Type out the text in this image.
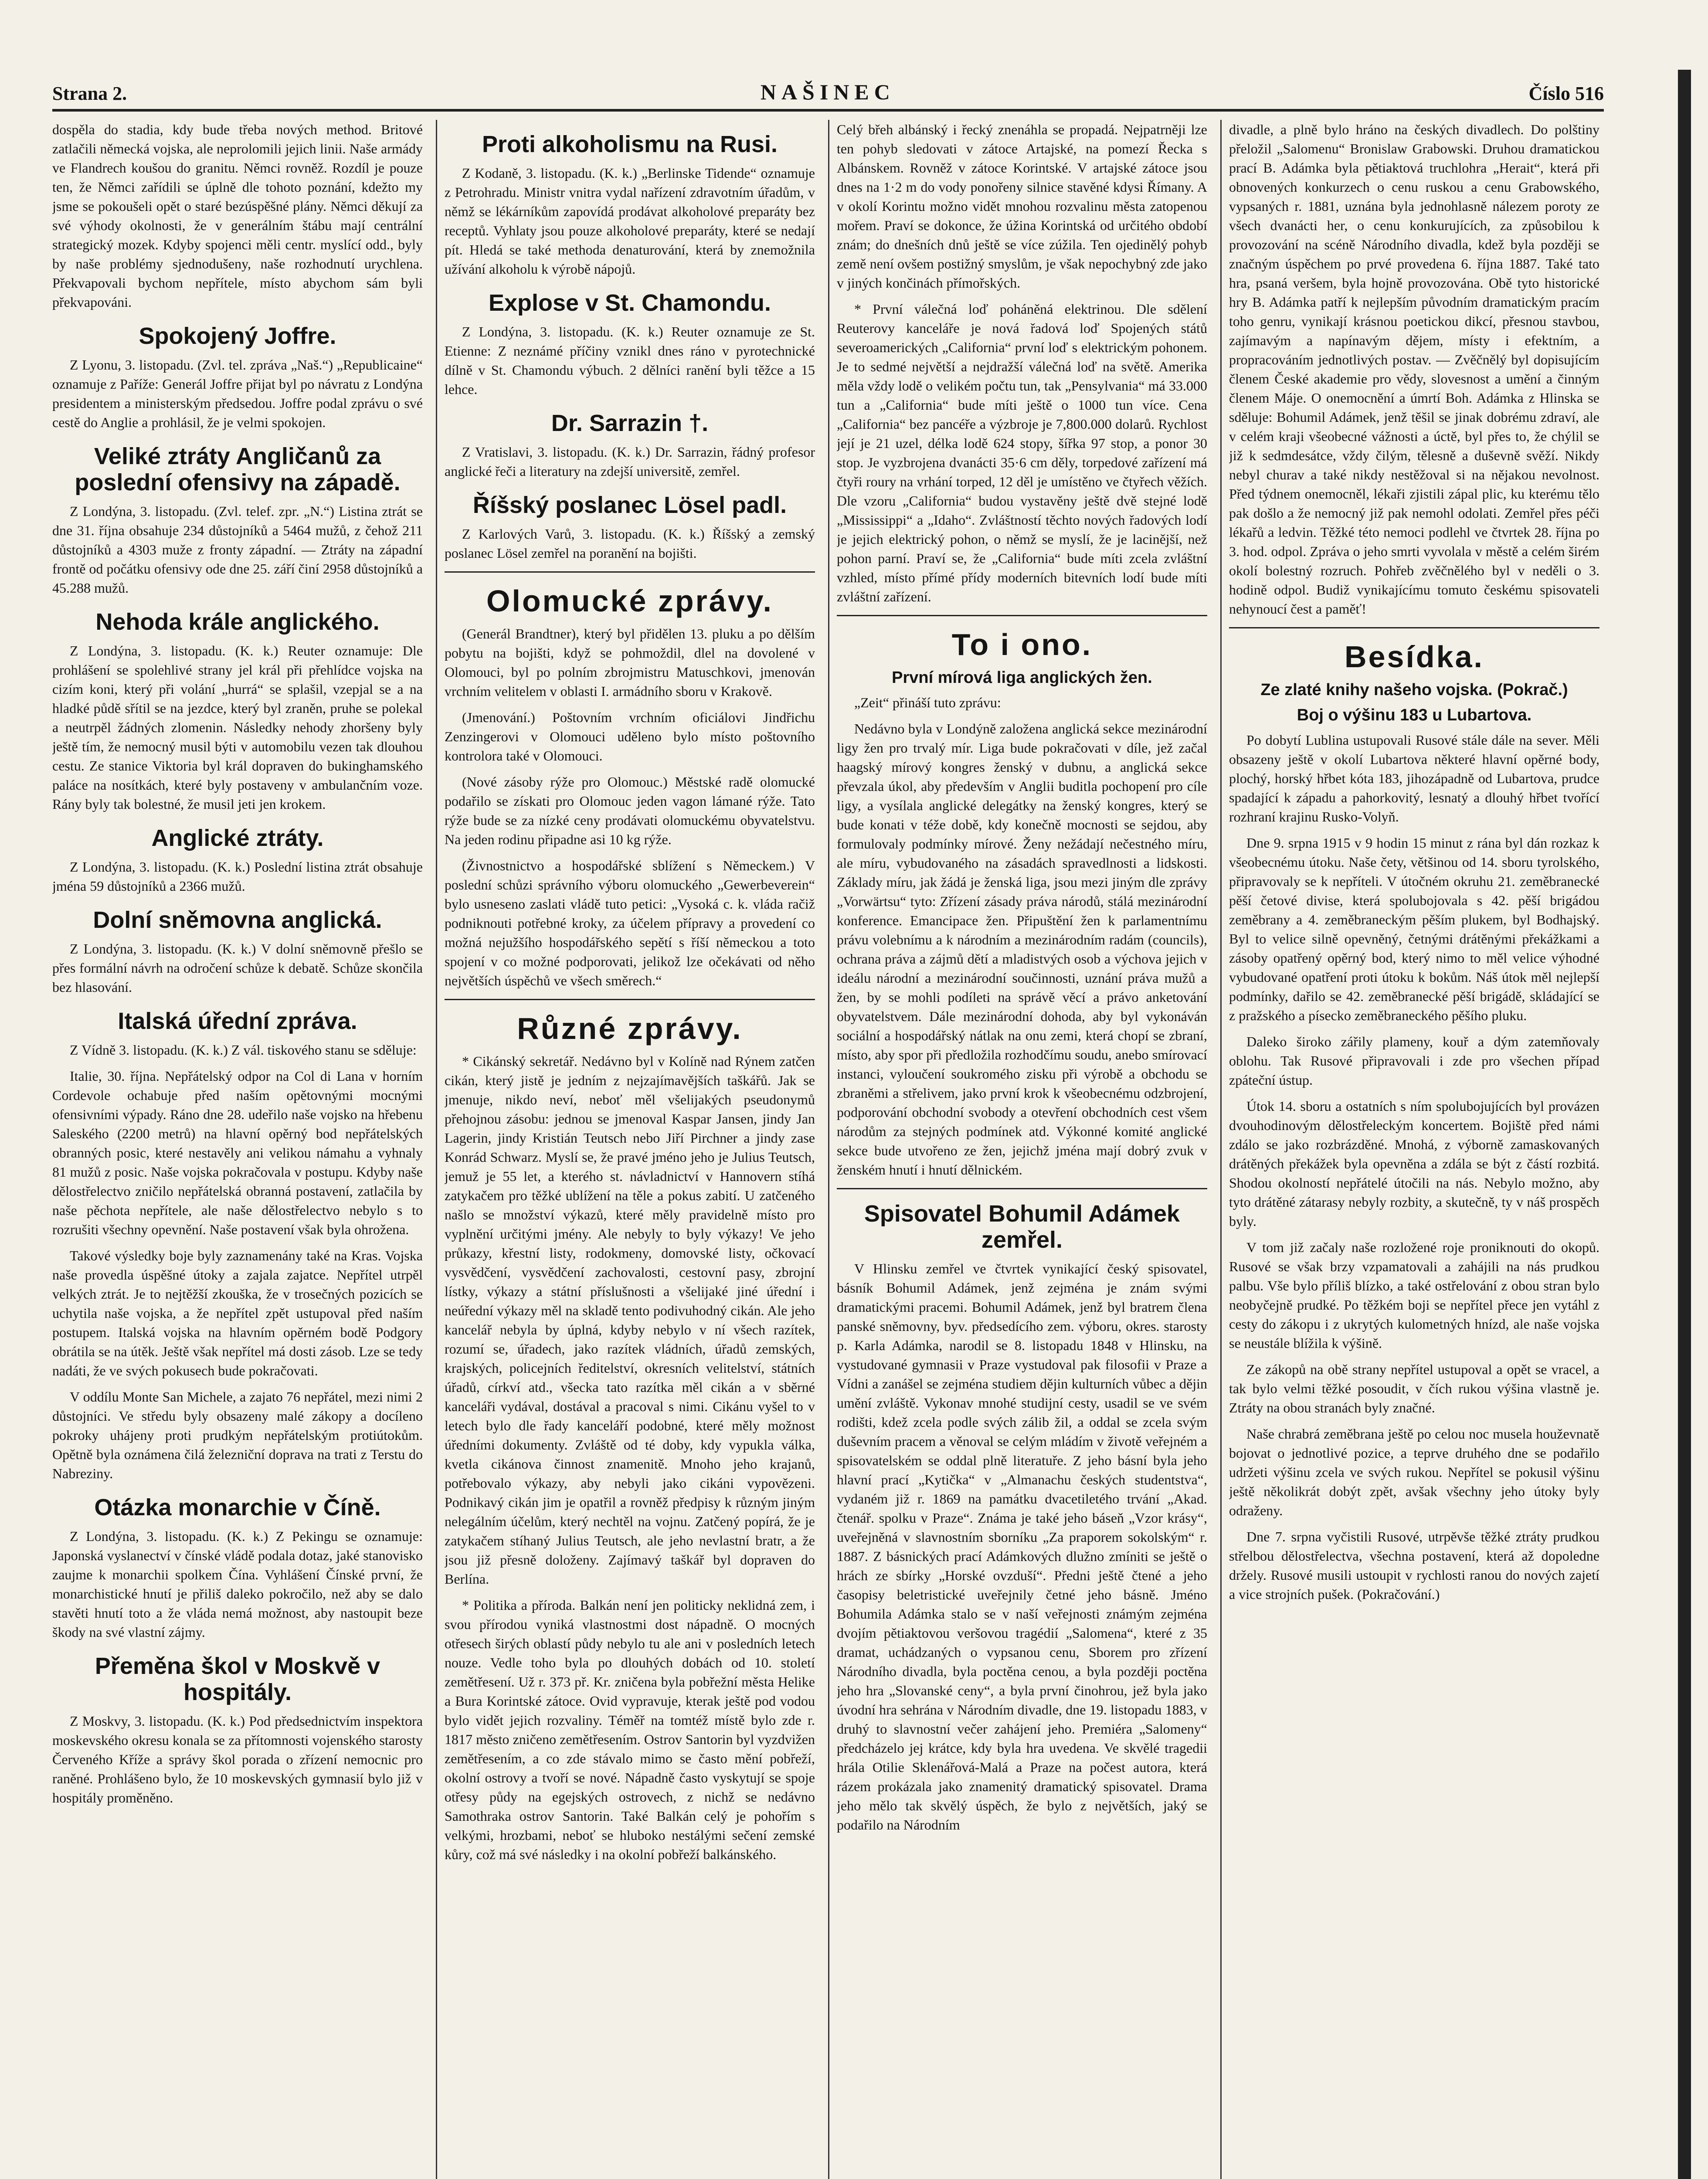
Strana 2.	NAŠINEC	Číslo 516

dospěla do stadia, kdy bude třeba nových method. Britové zatlačili německá vojska, ale neprolomili jejich linii. Naše armády ve Flandrech koušou do granitu. Němci rovněž. Rozdíl je pouze ten, že Němci zařídili se úplně dle tohoto poznání, kdežto my jsme se pokoušeli opět o staré bezúspěšné plány. Němci děkují za své výhody okolnosti, že v generálním štábu mají centrální strategický mozek. Kdyby spojenci měli centr. myslící odd., byly by naše problémy sjednodušeny, naše rozhodnutí urychlena. Překvapovali bychom nepřítele, místo abychom sám byli překvapováni.

Spokojený Joffre.

Z Lyonu, 3. listopadu. (Zvl. tel. zpráva „Naš.“) „Republicaine“ oznamuje z Paříže: Generál Joffre přijat byl po návratu z Londýna presidentem a ministerským předsedou. Joffre podal zprávu o své cestě do Anglie a prohlásil, že je velmi spokojen.

Veliké ztráty Angličanů za poslední ofensivy na západě.

Z Londýna, 3. listopadu. (Zvl. telef. zpr. „N.“) Listina ztrát se dne 31. října obsahuje 234 důstojníků a 5464 mužů, z čehož 211 důstojníků a 4303 muže z fronty západní. — Ztráty na západní frontě od počátku ofensivy ode dne 25. září činí 2958 důstojníků a 45.288 mužů.

Nehoda krále anglického.

Z Londýna, 3. listopadu. (K. k.) Reuter oznamuje: Dle prohlášení se spolehlivé strany jel král při přehlídce vojska na cizím koni, který při volání „hurrá“ se splašil, vzepjal se a na hladké půdě sřítil se na jezdce, který byl zraněn, pruhe se polekal a neutrpěl žádných zlomenin. Následky nehody zhoršeny byly ještě tím, že nemocný musil býti v automobilu vezen tak dlouhou cestu. Ze stanice Viktoria byl král dopraven do bukinghamského paláce na nosítkách, které byly postaveny v ambulančním voze. Rány byly tak bolestné, že musil jeti jen krokem.

Anglické ztráty.

Z Londýna, 3. listopadu. (K. k.) Poslední listina ztrát obsahuje jména 59 důstojníků a 2366 mužů.

Dolní sněmovna anglická.

Z Londýna, 3. listopadu. (K. k.) V dolní sněmovně přešlo se přes formální návrh na odročení schůze k debatě. Schůze skončila bez hlasování.

Italská úřední zpráva.

Z Vídně 3. listopadu. (K. k.) Z vál. tiskového stanu se sděluje:

Italie, 30. října. Nepřátelský odpor na Col di Lana v horním Cordevole ochabuje před naším opětovnými mocnými ofensivními výpady. Ráno dne 28. udeřilo naše vojsko na hřebenu Saleského (2200 metrů) na hlavní opěrný bod nepřátelských obranných posic, které nestavěly ani velikou námahu a vyhnaly 81 mužů z posic. Naše vojska pokračovala v postupu. Kdyby naše dělostřelectvo zničilo nepřátelská obranná postavení, zatlačila by naše pěchota nepřítele, ale naše dělostřelectvo nebylo s to rozrušiti všechny opevnění. Naše postavení však byla ohrožena.

Takové výsledky boje byly zaznamenány také na Kras. Vojska naše provedla úspěšné útoky a zajala zajatce. Nepřítel utrpěl velkých ztrát. Je to nejtěžší zkouška, že v trosečných pozicích se uchytila naše vojska, a že nepřítel zpět ustupoval před naším postupem. Italská vojska na hlavním opěrném bodě Podgory obrátila se na útěk. Ještě však nepřítel má dosti zásob. Lze se tedy nadáti, že ve svých pokusech bude pokračovati.

V oddílu Monte San Michele, a zajato 76 nepřátel, mezi nimi 2 důstojníci. Ve středu byly obsazeny malé zákopy a docíleno pokroky uhájeny proti prudkým nepřátelským protiútokům. Opětně byla oznámena čilá železniční doprava na trati z Terstu do Nabreziny.

Otázka monarchie v Číně.

Z Londýna, 3. listopadu. (K. k.) Z Pekingu se oznamuje: Japonská vyslanectví v čínské vládě podala dotaz, jaké stanovisko zaujme k monarchii spolkem Čína. Vyhlášení Čínské první, že monarchistické hnutí je přiliš daleko pokročilo, než aby se dalo stavěti hnutí toto a že vláda nemá možnost, aby nastoupit beze škody na své vlastní zájmy.

Přeměna škol v Moskvě v hospitály.

Z Moskvy, 3. listopadu. (K. k.) Pod předsednictvím inspektora moskevského okresu konala se za přítomnosti vojenského starosty Červeného Kříže a správy škol porada o zřízení nemocnic pro raněné. Prohlášeno bylo, že 10 moskevských gymnasií bylo již v hospitály proměněno.

Proti alkoholismu na Rusi.

Z Kodaně, 3. listopadu. (K. k.) „Berlinske Tidende“ oznamuje z Petrohradu. Ministr vnitra vydal nařízení zdravotním úřadům, v němž se lékárníkům zapovídá prodávat alkoholové preparáty bez receptů. Vyhlaty jsou pouze alkoholové preparáty, které se nedají pít. Hledá se také methoda denaturování, která by znemožnila užívání alkoholu k výrobě nápojů.

Explose v St. Chamondu.

Z Londýna, 3. listopadu. (K. k.) Reuter oznamuje ze St. Etienne: Z neznámé příčiny vznikl dnes ráno v pyrotechnické dílně v St. Chamondu výbuch. 2 dělníci ranění byli těžce a 15 lehce.

Dr. Sarrazin †.

Z Vratislavi, 3. listopadu. (K. k.) Dr. Sarrazin, řádný profesor anglické řeči a literatury na zdejší universitě, zemřel.

Říšský poslanec Lösel padl.

Z Karlových Varů, 3. listopadu. (K. k.) Říšský a zemský poslanec Lösel zemřel na poranění na bojišti.

Olomucké zprávy.

(Generál Brandtner), který byl přidělen 13. pluku a po dělším pobytu na bojišti, když se pohmoždil, dlel na dovolené v Olomouci, byl po polním zbrojmistru Matuschkovi, jmenován vrchním velitelem v oblasti I. armádního sboru v Krakově.

(Jmenování.) Poštovním vrchním oficiálovi Jindřichu Zenzingerovi v Olomouci uděleno bylo místo poštovního kontrolora také v Olomouci.

(Nové zásoby rýže pro Olomouc.) Městské radě olomucké podařilo se získati pro Olomouc jeden vagon lámané rýže. Tato rýže bude se za nízké ceny prodávati olomuckému obyvatelstvu. Na jeden rodinu připadne asi 10 kg rýže.

(Živnostnictvo a hospodářské sblížení s Německem.) V poslední schůzi správního výboru olomuckého „Gewerbeverein“ bylo usneseno zaslati vládě tuto petici: „Vysoká c. k. vláda račiž podniknouti potřebné kroky, za účelem přípravy a provedení co možná nejužšího hospodářského sepětí s říší německou a toto spojení v co možné podporovati, jelikož lze očekávati od něho největších úspěchů ve všech směrech.“

Různé zprávy.

* Cikánský sekretář. Nedávno byl v Kolíně nad Rýnem zatčen cikán, který jistě je jedním z nejzajímavějších taškářů. Jak se jmenuje, nikdo neví, neboť měl všelijakých pseudonymů přehojnou zásobu: jednou se jmenoval Kaspar Jansen, jindy Jan Lagerin, jindy Kristián Teutsch nebo Jiří Pirchner a jindy zase Konrád Schwarz. Myslí se, že pravé jméno jeho je Julius Teutsch, jemuž je 55 let, a kterého st. návladnictví v Hannovern stíhá zatykačem pro těžké ublížení na těle a pokus zabití. U zatčeného našlo se množství výkazů, které měly pravidelně místo pro vyplnění určitými jmény. Ale nebyly to byly výkazy! Ve jeho průkazy, křestní listy, rodokmeny, domovské listy, očkovací vysvědčení, vysvědčení zachovalosti, cestovní pasy, zbrojní lístky, výkazy a státní příslušnosti a všelijaké jiné úřední i neúřední výkazy měl na skladě tento podivuhodný cikán. Ale jeho kancelář nebyla by úplná, kdyby nebylo v ní všech razítek, rozumí se, úřadech, jako razítek vládních, úřadů zemských, krajských, policejních ředitelství, okresních velitelství, státních úřadů, církví atd., všecka tato razítka měl cikán a v sběrné kanceláři vydával, dostával a pracoval s nimi. Cikánu vyšel to v letech bylo dle řady kanceláří podobné, které měly možnost úředními dokumenty. Zvláště od té doby, kdy vypukla válka, kvetla cikánova činnost znamenitě. Mnoho jeho krajanů, potřebovalo výkazy, aby nebyli jako cikáni vypovězeni. Podnikavý cikán jim je opatřil a rovněž předpisy k různým jiným nelegálním účelům, který nechtěl na vojnu. Zatčený popírá, že je zatykačem stíhaný Julius Teutsch, ale jeho nevlastní bratr, a že jsou již přesně doloženy. Zajímavý taškář byl dopraven do Berlína.

* Politika a příroda. Balkán není jen politicky neklidná zem, i svou přírodou vyniká vlastnostmi dost nápadně. O mocných otřesech širých oblastí půdy nebylo tu ale ani v posledních letech nouze. Vedle toho byla po dlouhých dobách od 10. století zemětřesení. Už r. 373 př. Kr. zničena byla pobřežní města Helike a Bura Korintské zátoce. Ovid vypravuje, kterak ještě pod vodou bylo vidět jejich rozvaliny. Téměř na tomtéž místě bylo zde r. 1817 město zničeno zemětřesením. Ostrov Santorin byl vyzdvižen zemětřesením, a co zde stávalo mimo se často mění pobřeží, okolní ostrovy a tvoří se nové. Nápadně často vyskytují se spoje otřesy půdy na egejských ostrovech, z nichž se nedávno Samothraka ostrov Santorin. Také Balkán celý je pohořím s velkými, hrozbami, neboť se hluboko nestálými sečení zemské kůry, což má své následky i na okolní pobřeží balkánského.

Celý břeh albánský i řecký znenáhla se propadá. Nejpatrněji lze ten pohyb sledovati v zátoce Artajské, na pomezí Řecka s Albánskem. Rovněž v zátoce Korintské. V artajské zátoce jsou dnes na 1·2 m do vody ponořeny silnice stavěné kdysi Římany. A v okolí Korintu možno vidět mnohou rozvalinu města zatopenou mořem. Praví se dokonce, že úžina Korintská od určitého období znám; do dnešních dnů ještě se více zúžila. Ten ojedinělý pohyb země není ovšem postižný smyslům, je však nepochybný zde jako v jiných končinách přímořských.

* První válečná loď poháněná elektrinou. Dle sdělení Reuterovy kanceláře je nová řadová loď Spojených států severoamerických „California“ první loď s elektrickým pohonem. Je to sedmé největší a nejdražší válečná loď na světě. Amerika měla vždy lodě o velikém počtu tun, tak „Pensylvania“ má 33.000 tun a „California“ bude míti ještě o 1000 tun více. Cena „California“ bez pancéře a výzbroje je 7,800.000 dolarů. Rychlost její je 21 uzel, délka lodě 624 stopy, šířka 97 stop, a ponor 30 stop. Je vyzbrojena dvanácti 35·6 cm děly, torpedové zařízení má čtyři roury na vrhání torped, 12 děl je umístěno ve čtyřech věžích. Dle vzoru „California“ budou vystavěny ještě dvě stejné lodě „Mississippi“ a „Idaho“. Zvláštností těchto nových řadových lodí je jejich elektrický pohon, o němž se myslí, že je lacinější, než pohon parní. Praví se, že „California“ bude míti zcela zvláštní vzhled, místo přímé přídy moderních bitevních lodí bude míti zvláštní zařízení.

To i ono.
První mírová liga anglických žen.

„Zeit“ přináší tuto zprávu:

Nedávno byla v Londýně založena anglická sekce mezinárodní ligy žen pro trvalý mír. Liga bude pokračovati v díle, jež začal haagský mírový kongres ženský v dubnu, a anglická sekce převzala úkol, aby především v Anglii buditla pochopení pro cíle ligy, a vysílala anglické delegátky na ženský kongres, který se bude konati v téže době, kdy konečně mocnosti se sejdou, aby formulovaly podmínky mírové. Ženy nežádají nečestného míru, ale míru, vybudovaného na zásadách spravedlnosti a lidskosti. Základy míru, jak žádá je ženská liga, jsou mezi jiným dle zprávy „Vorwärtsu“ tyto: Zřízení zásady práva národů, stálá mezinárodní konference. Emancipace žen. Připuštění žen k parlamentnímu právu volebnímu a k národním a mezinárodním radám (councils), ochrana práva a zájmů dětí a mladistvých osob a výchova jejich v ideálu národní a mezinárodní součinnosti, uznání práva mužů a žen, by se mohli podíleti na správě věcí a právo anketování obyvatelstvem. Dále mezinárodní dohoda, aby byl vykonáván sociální a hospodářský nátlak na onu zemi, která chopí se zbraní, místo, aby spor při předložila rozhodčímu soudu, anebo smírovací instanci, vyloučení soukromého zisku při výrobě a obchodu se zbraněmi a střelivem, jako první krok k všeobecnému odzbrojení, podporování obchodní svobody a otevření obchodních cest všem národům za stejných podmínek atd. Výkonné komité anglické sekce bude utvořeno ze žen, jejichž jména mají dobrý zvuk v ženském hnutí i hnutí dělnickém.

Spisovatel Bohumil Adámek zemřel.

V Hlinsku zemřel ve čtvrtek vynikající český spisovatel, básník Bohumil Adámek, jenž zejména je znám svými dramatickými pracemi. Bohumil Adámek, jenž byl bratrem člena panské sněmovny, byv. předsedícího zem. výboru, okres. starosty p. Karla Adámka, narodil se 8. listopadu 1848 v Hlinsku, na vystudované gymnasii v Praze vystudoval pak filosofii v Praze a Vídni a zanášel se zejména studiem dějin kulturních vůbec a dějin umění zvláště. Vykonav mnohé studijní cesty, usadil se ve svém rodišti, kdež zcela podle svých zálib žil, a oddal se zcela svým duševním pracem a věnoval se celým mládím v životě veřejném a spisovatelském se oddal plně literatuře. Z jeho básní byla jeho hlavní prací „Kytička“ v „Almanachu českých studentstva“, vydaném již r. 1869 na památku dvacetiletého trvání „Akad. čtenář. spolku v Praze“. Známa je také jeho báseň „Vzor krásy“, uveřejněná v slavnostním sborníku „Za praporem sokolským“ r. 1887. Z básnických prací Adámkových dlužno zmíniti se ještě o hrách ze sbírky „Horské ovzduší“. Předni ještě čtené a jeho časopisy beletristické uveřejnily četné jeho básně. Jméno Bohumila Adámka stalo se v naší veřejnosti známým zejména dvojím pětiaktovou veršovou tragédií „Salomena“, které z 35 dramat, uchádzaných o vypsanou cenu, Sborem pro zřízení Národního divadla, byla poctěna cenou, a byla později poctěna jeho hra „Slovanské ceny“, a byla první činohrou, jež byla jako úvodní hra sehrána v Národním divadle, dne 19. listopadu 1883, v druhý to slavnostní večer zahájení jeho. Premiéra „Salomeny“ předcházelo jej krátce, kdy byla hra uvedena. Ve skvělé tragedii hrála Otilie Sklenářová-Malá a Praze na počest autora, která rázem prokázala jako znamenitý dramatický spisovatel. Drama jeho mělo tak skvělý úspěch, že bylo z největších, jaký se podařilo na Národním

divadle, a plně bylo hráno na českých divadlech. Do polštiny přeložil „Salomenu“ Bronislaw Grabowski. Druhou dramatickou prací B. Adámka byla pětiaktová truchlohra „Herait“, která při obnovených konkurzech o cenu ruskou a cenu Grabowského, vypsaných r. 1881, uznána byla jednohlasně nálezem poroty ze všech dvanácti her, o cenu konkurujících, za způsobilou k provozování na scéně Národního divadla, kdež byla později se značným úspěchem po prvé provedena 6. října 1887. Také tato hra, psaná veršem, byla hojně provozována. Obě tyto historické hry B. Adámka patří k nejlepším původním dramatickým pracím toho genru, vynikají krásnou poetickou dikcí, přesnou stavbou, zajímavým a napínavým dějem, místy i efektním, a propracováním jednotlivých postav. — Zvěčnělý byl dopisujícím členem České akademie pro vědy, slovesnost a umění a činným členem Máje. O onemocnění a úmrtí Boh. Adámka z Hlinska se sděluje: Bohumil Adámek, jenž těšil se jinak dobrému zdraví, ale v celém kraji všeobecné vážnosti a úctě, byl přes to, že chýlil se již k sedmdesátce, vždy čilým, tělesně a duševně svěží. Nikdy nebyl churav a také nikdy nestěžoval si na nějakou nevolnost. Před týdnem onemocněl, lékaři zjistili zápal plic, ku kterému tělo pak došlo a že nemocný již pak nemohl odolati. Zemřel přes péči lékařů a ledvin. Těžké této nemoci podlehl ve čtvrtek 28. října po 3. hod. odpol. Zpráva o jeho smrti vyvolala v městě a celém širém okolí bolestný rozruch. Pohřeb zvěčnělého byl v neděli o 3. hodině odpol. Budiž vynikajícímu tomuto českému spisovateli nehynoucí čest a paměť!

Besídka.
Ze zlaté knihy našeho vojska. (Pokrač.)
Boj o výšinu 183 u Lubartova.

Po dobytí Lublina ustupovali Rusové stále dále na sever. Měli obsazeny ještě v okolí Lubartova některé hlavní opěrné body, plochý, horský hřbet kóta 183, jihozápadně od Lubartova, prudce spadající k západu a pahorkovitý, lesnatý a dlouhý hřbet tvořící rozhraní krajinu Rusko-Volyň.

Dne 9. srpna 1915 v 9 hodin 15 minut z rána byl dán rozkaz k všeobecnému útoku. Naše čety, většinou od 14. sboru tyrolského, připravovaly se k nepříteli. V útočném okruhu 21. zeměbranecké pěší četové divise, která spolubojovala s 42. pěší brigádou zeměbrany a 4. zeměbraneckým pěším plukem, byl Bodhajský. Byl to velice silně opevněný, četnými drátěnými překážkami a zásoby opatřený opěrný bod, který nimo to měl velice výhodné vybudované opatření proti útoku k bokům. Náš útok měl nejlepší podmínky, dařilo se 42. zeměbranecké pěší brigádě, skládající se z pražského a písecko zeměbraneckého pěšího pluku.

Daleko široko zářily plameny, kouř a dým zatemňovaly oblohu. Tak Rusové připravovali i zde pro všechen případ zpáteční ústup.

Útok 14. sboru a ostatních s ním spolubojujících byl provázen dvouhodinovým dělostřeleckým koncertem. Bojiště před námi zdálo se jako rozbrázděné. Mnohá, z výborně zamaskovaných drátěných překážek byla opevněna a zdála se být z částí rozbitá. Shodou okolností nepřátelé útočili na nás. Nebylo možno, aby tyto drátěné zátarasy nebyly rozbity, a skutečně, ty v náš prospěch byly.

V tom již začaly naše rozložené roje proniknouti do okopů. Rusové se však brzy vzpamatovali a zahájili na nás prudkou palbu. Vše bylo příliš blízko, a také ostřelování z obou stran bylo neobyčejně prudké. Po těžkém boji se nepřítel přece jen vytáhl z cesty do zákopu i z ukrytých kulometných hnízd, ale naše vojska se neustále blížila k výšině.

Ze zákopů na obě strany nepřítel ustupoval a opět se vracel, a tak bylo velmi těžké posoudit, v čích rukou výšina vlastně je. Ztráty na obou stranách byly značné.

Naše chrabrá zeměbrana ještě po celou noc musela houževnatě bojovat o jednotlivé pozice, a teprve druhého dne se podařilo udržeti výšinu zcela ve svých rukou. Nepřítel se pokusil výšinu ještě několikrát dobýt zpět, avšak všechny jeho útoky byly odraženy.

Dne 7. srpna vyčistili Rusové, utrpěvše těžké ztráty prudkou střelbou dělostřelectva, všechna postavení, která až dopoledne držely. Rusové musili ustoupit v rychlosti ranou do nových zajetí a vice strojních pušek. (Pokračování.)
